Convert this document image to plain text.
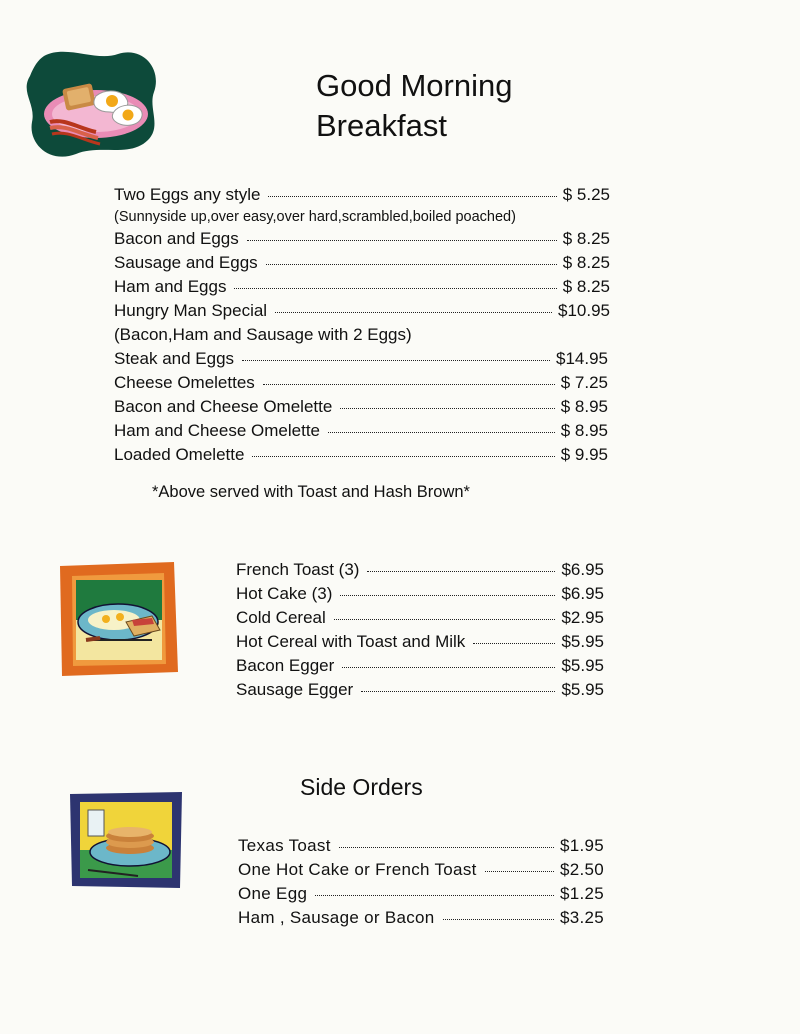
Good Morning
Breakfast
Two Eggs any style	$ 5.25
(Sunnyside up,over easy,over hard,scrambled,boiled poached)
Bacon and Eggs	$ 8.25
Sausage and Eggs	$ 8.25
Ham and Eggs	$ 8.25
Hungry Man Special	$10.95
(Bacon,Ham and Sausage with 2 Eggs)
Steak and Eggs	$14.95
Cheese Omelettes	$ 7.25
Bacon and Cheese Omelette	$ 8.95
Ham and Cheese Omelette	$ 8.95
Loaded Omelette	$ 9.95
*Above served with Toast and Hash Brown*
French Toast (3)	$6.95
Hot Cake (3)	$6.95
Cold Cereal	$2.95
Hot Cereal with Toast and Milk	$5.95
Bacon Egger	$5.95
Sausage Egger	$5.95
Side Orders
Texas Toast	$1.95
One Hot Cake or French Toast	$2.50
One Egg	$1.25
Ham , Sausage or Bacon	$3.25
